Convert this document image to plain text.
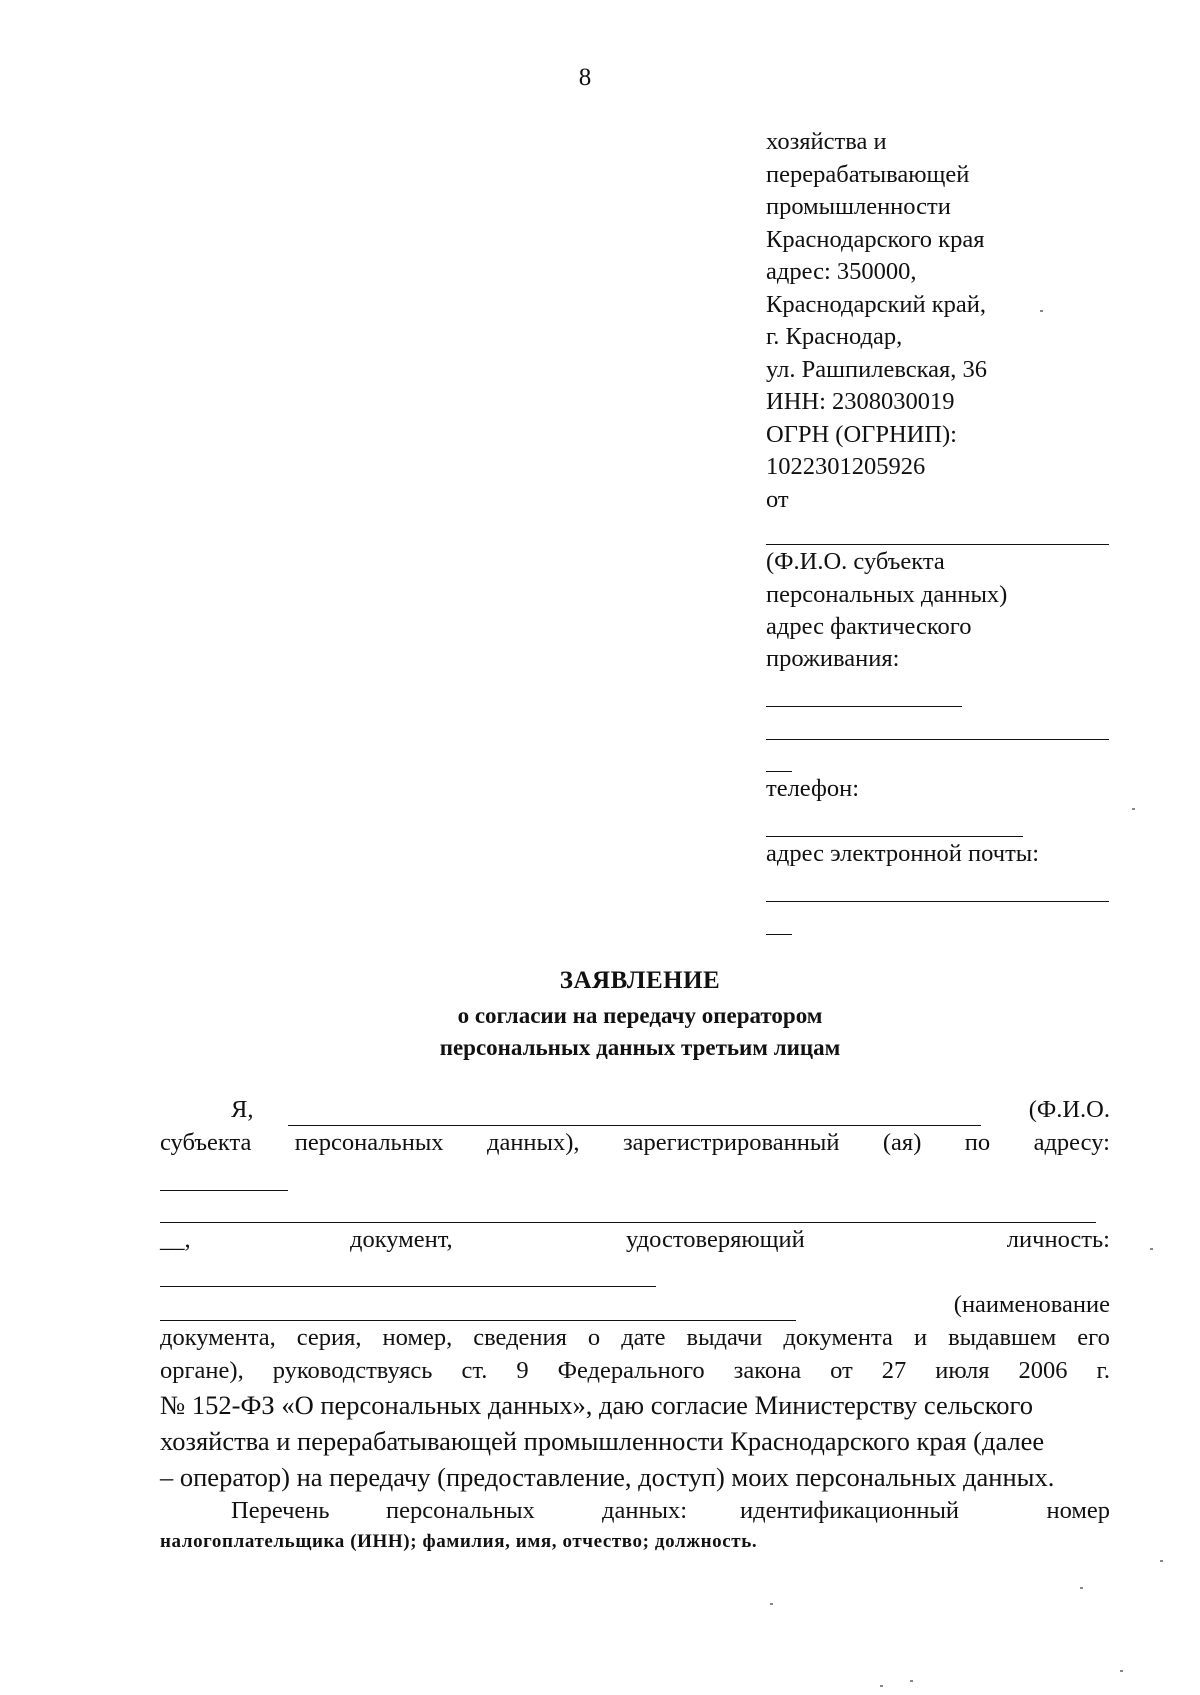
8
хозяйства и
перерабатывающей
промышленности
Краснодарского края
адрес: 350000,
Краснодарский край,
г. Краснодар,
ул. Рашпилевская, 36
ИНН: 2308030019
ОГРН (ОГРНИП):
1022301205926
от
(Ф.И.О. субъекта
персональных данных)
адрес фактического
проживания:
телефон:
адрес электронной почты:
ЗАЯВЛЕНИЕ
о согласии на передачу оператором
персональных данных третьим лицам
Я,	(Ф.И.О.
субъекта персональных данных), зарегистрированный (ая) по адресу:
__,	документ,	удостоверяющий	личность:
(наименование
документа, серия, номер, сведения о дате выдачи документа и выдавшем его
органе), руководствуясь ст. 9 Федерального закона от 27 июля 2006 г.
№ 152-ФЗ «О персональных данных», даю согласие Министерству сельского
хозяйства и перерабатывающей промышленности Краснодарского края (далее
– оператор) на передачу (предоставление, доступ) моих персональных данных.
Перечень персональных	данных: идентификационный	номер
налогоплательщика (ИНН); фамилия, имя, отчество; должность.
